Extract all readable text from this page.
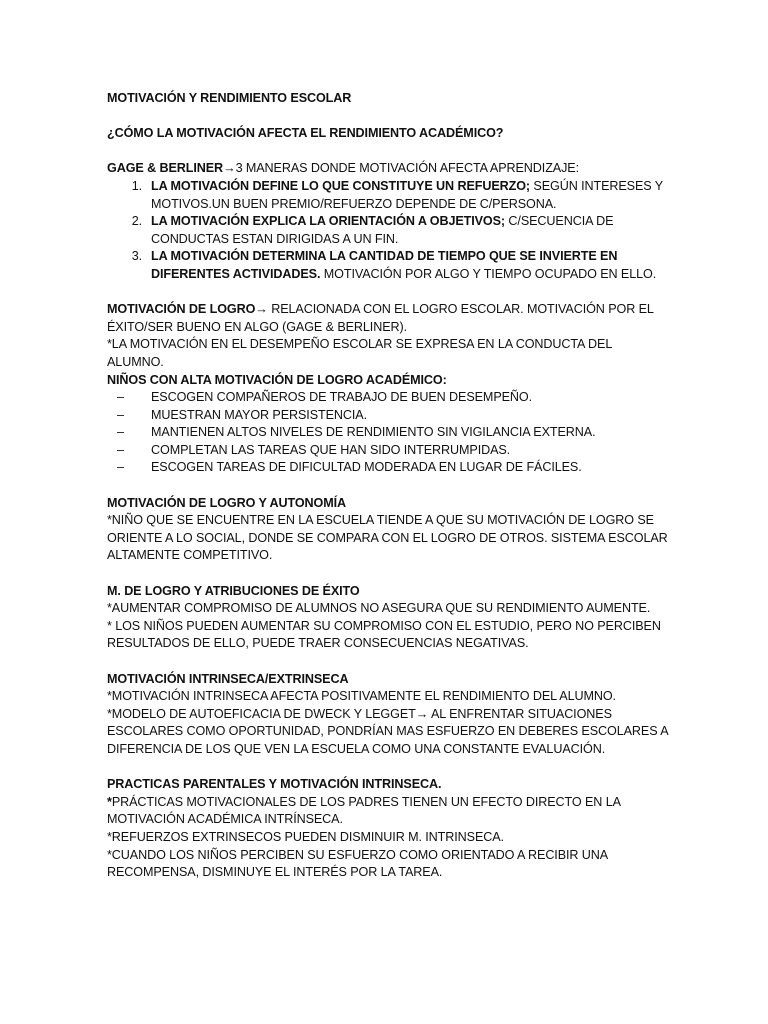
MOTIVACIÓN Y RENDIMIENTO ESCOLAR
¿CÓMO LA MOTIVACIÓN AFECTA EL RENDIMIENTO ACADÉMICO?
GAGE & BERLINER→3 MANERAS DONDE MOTIVACIÓN AFECTA APRENDIZAJE:
1. LA MOTIVACIÓN DEFINE LO QUE CONSTITUYE UN REFUERZO; SEGÚN INTERESES Y MOTIVOS.UN BUEN PREMIO/REFUERZO DEPENDE DE C/PERSONA.
2. LA MOTIVACIÓN EXPLICA LA ORIENTACIÓN A OBJETIVOS; C/SECUENCIA DE CONDUCTAS ESTAN DIRIGIDAS A UN FIN.
3. LA MOTIVACIÓN DETERMINA LA CANTIDAD DE TIEMPO QUE SE INVIERTE EN DIFERENTES ACTIVIDADES. MOTIVACIÓN POR ALGO Y TIEMPO OCUPADO EN ELLO.
MOTIVACIÓN DE LOGRO→ RELACIONADA CON EL LOGRO ESCOLAR. MOTIVACIÓN POR EL ÉXITO/SER BUENO EN ALGO (GAGE & BERLINER).
*LA MOTIVACIÓN EN EL DESEMPEÑO ESCOLAR SE EXPRESA EN LA CONDUCTA DEL ALUMNO.
NIÑOS CON ALTA MOTIVACIÓN DE LOGRO ACADÉMICO:
–	ESCOGEN COMPAÑEROS DE TRABAJO DE BUEN DESEMPEÑO.
–	MUESTRAN MAYOR PERSISTENCIA.
–	MANTIENEN ALTOS NIVELES DE RENDIMIENTO SIN VIGILANCIA EXTERNA.
–	COMPLETAN LAS TAREAS QUE HAN SIDO INTERRUMPIDAS.
–	ESCOGEN TAREAS DE DIFICULTAD MODERADA EN LUGAR DE FÁCILES.
MOTIVACIÓN DE LOGRO Y AUTONOMÍA
*NIÑO QUE SE ENCUENTRE EN LA ESCUELA TIENDE A QUE SU MOTIVACIÓN DE LOGRO SE ORIENTE A LO SOCIAL, DONDE SE COMPARA CON EL LOGRO DE OTROS. SISTEMA ESCOLAR ALTAMENTE COMPETITIVO.
M. DE LOGRO Y ATRIBUCIONES DE ÉXITO
*AUMENTAR COMPROMISO DE ALUMNOS NO ASEGURA QUE SU RENDIMIENTO AUMENTE.
* LOS NIÑOS PUEDEN AUMENTAR SU COMPROMISO CON EL ESTUDIO, PERO NO PERCIBEN RESULTADOS DE ELLO, PUEDE TRAER CONSECUENCIAS NEGATIVAS.
MOTIVACIÓN INTRINSECA/EXTRINSECA
*MOTIVACIÓN INTRINSECA AFECTA POSITIVAMENTE EL RENDIMIENTO DEL ALUMNO.
*MODELO DE AUTOEFICACIA DE DWECK Y LEGGET→ AL ENFRENTAR SITUACIONES ESCOLARES COMO OPORTUNIDAD, PONDRÍAN MAS ESFUERZO EN DEBERES ESCOLARES A DIFERENCIA DE LOS QUE VEN LA ESCUELA COMO UNA CONSTANTE EVALUACIÓN.
PRACTICAS PARENTALES Y MOTIVACIÓN INTRINSECA.
*PRÁCTICAS MOTIVACIONALES DE LOS PADRES TIENEN UN EFECTO DIRECTO EN LA MOTIVACIÓN ACADÉMICA INTRÍNSECA.
*REFUERZOS EXTRINSECOS PUEDEN DISMINUIR M. INTRINSECA.
*CUANDO LOS NIÑOS PERCIBEN SU ESFUERZO COMO ORIENTADO A RECIBIR UNA RECOMPENSA, DISMINUYE EL INTERÉS POR LA TAREA.
